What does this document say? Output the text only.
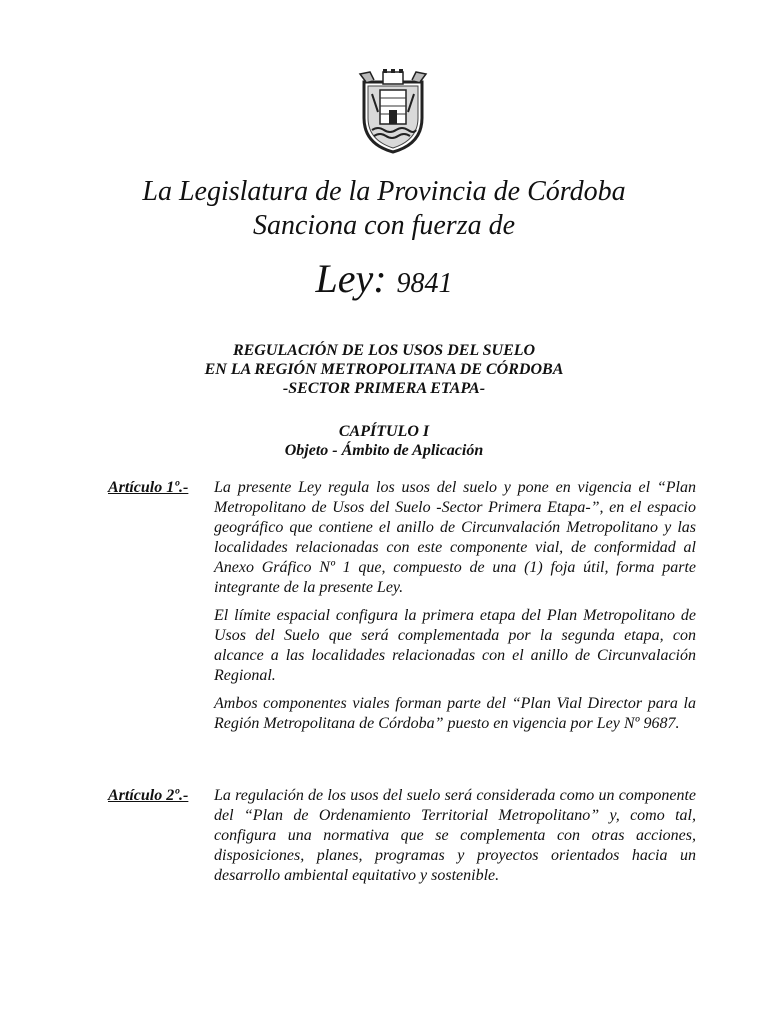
La Legislatura de la Provincia de Córdoba
Sanciona con fuerza de
Ley: 9841
REGULACIÓN DE LOS USOS DEL SUELO
EN LA REGIÓN METROPOLITANA DE CÓRDOBA
-SECTOR PRIMERA ETAPA-
CAPÍTULO I
Objeto - Ámbito de Aplicación
Artículo 1º.- La presente Ley regula los usos del suelo y pone en vigencia el “Plan Metropolitano de Usos del Suelo -Sector Primera Etapa-”, en el espacio geográfico que contiene el anillo de Circunvalación Metropolitano y las localidades relacionadas con este componente vial, de conformidad al Anexo Gráfico Nº 1 que, compuesto de una (1) foja útil, forma parte integrante de la presente Ley.

El límite espacial configura la primera etapa del Plan Metropolitano de Usos del Suelo que será complementada por la segunda etapa, con alcance a las localidades relacionadas con el anillo de Circunvalación Regional.

Ambos componentes viales forman parte del “Plan Vial Director para la Región Metropolitana de Córdoba” puesto en vigencia por Ley Nº 9687.

Artículo 2º.- La regulación de los usos del suelo será considerada como un componente del “Plan de Ordenamiento Territorial Metropolitano” y, como tal, configura una normativa que se complementa con otras acciones, disposiciones, planes, programas y proyectos orientados hacia un desarrollo ambiental equitativo y sostenible.
